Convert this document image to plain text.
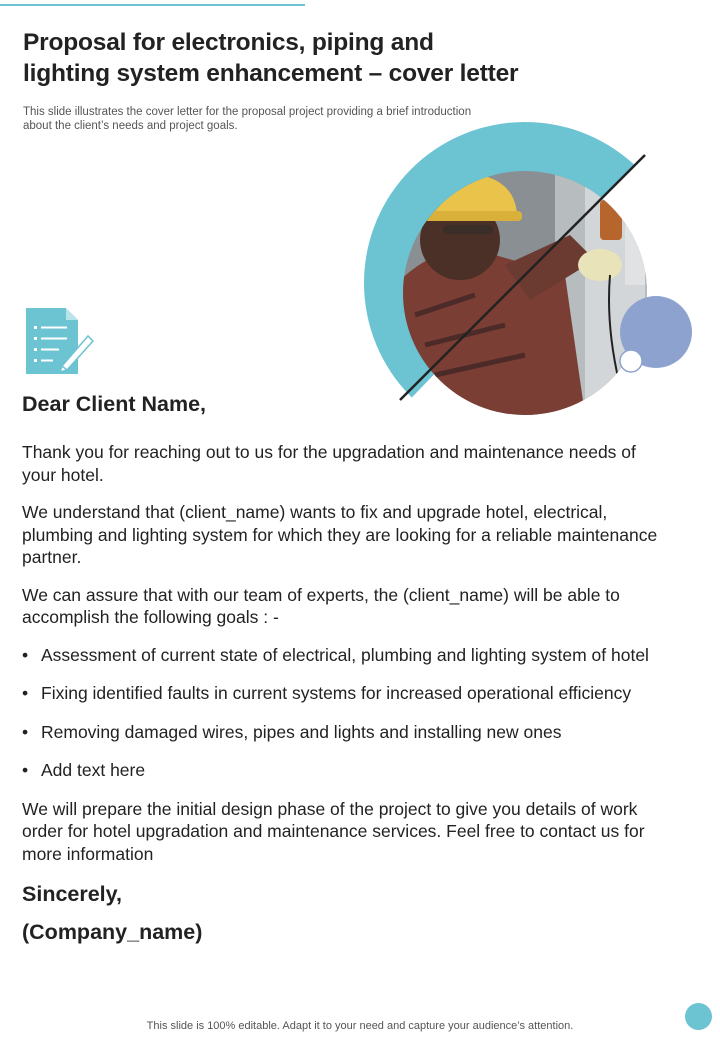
Proposal for electronics, piping and
lighting system enhancement – cover letter

This slide illustrates the cover letter for the proposal project providing a brief introduction about the client’s needs and project goals.

Dear Client Name,

Thank you for reaching out to us for the upgradation and maintenance needs of your hotel.

We understand that (client_name) wants to fix and upgrade hotel, electrical, plumbing and lighting system for which they are looking for a reliable maintenance partner.

We can assure that with our team of experts, the (client_name) will be able to accomplish the following goals : -

• Assessment of current state of electrical, plumbing and lighting system of hotel
• Fixing identified faults in current systems for increased operational efficiency
• Removing damaged wires, pipes and lights and installing new ones
• Add text here

We will prepare the initial design phase of the project to give you details of work order for hotel upgradation and maintenance services. Feel free to contact us for more information

Sincerely,

(Company_name)

This slide is 100% editable. Adapt it to your need and capture your audience’s attention.
